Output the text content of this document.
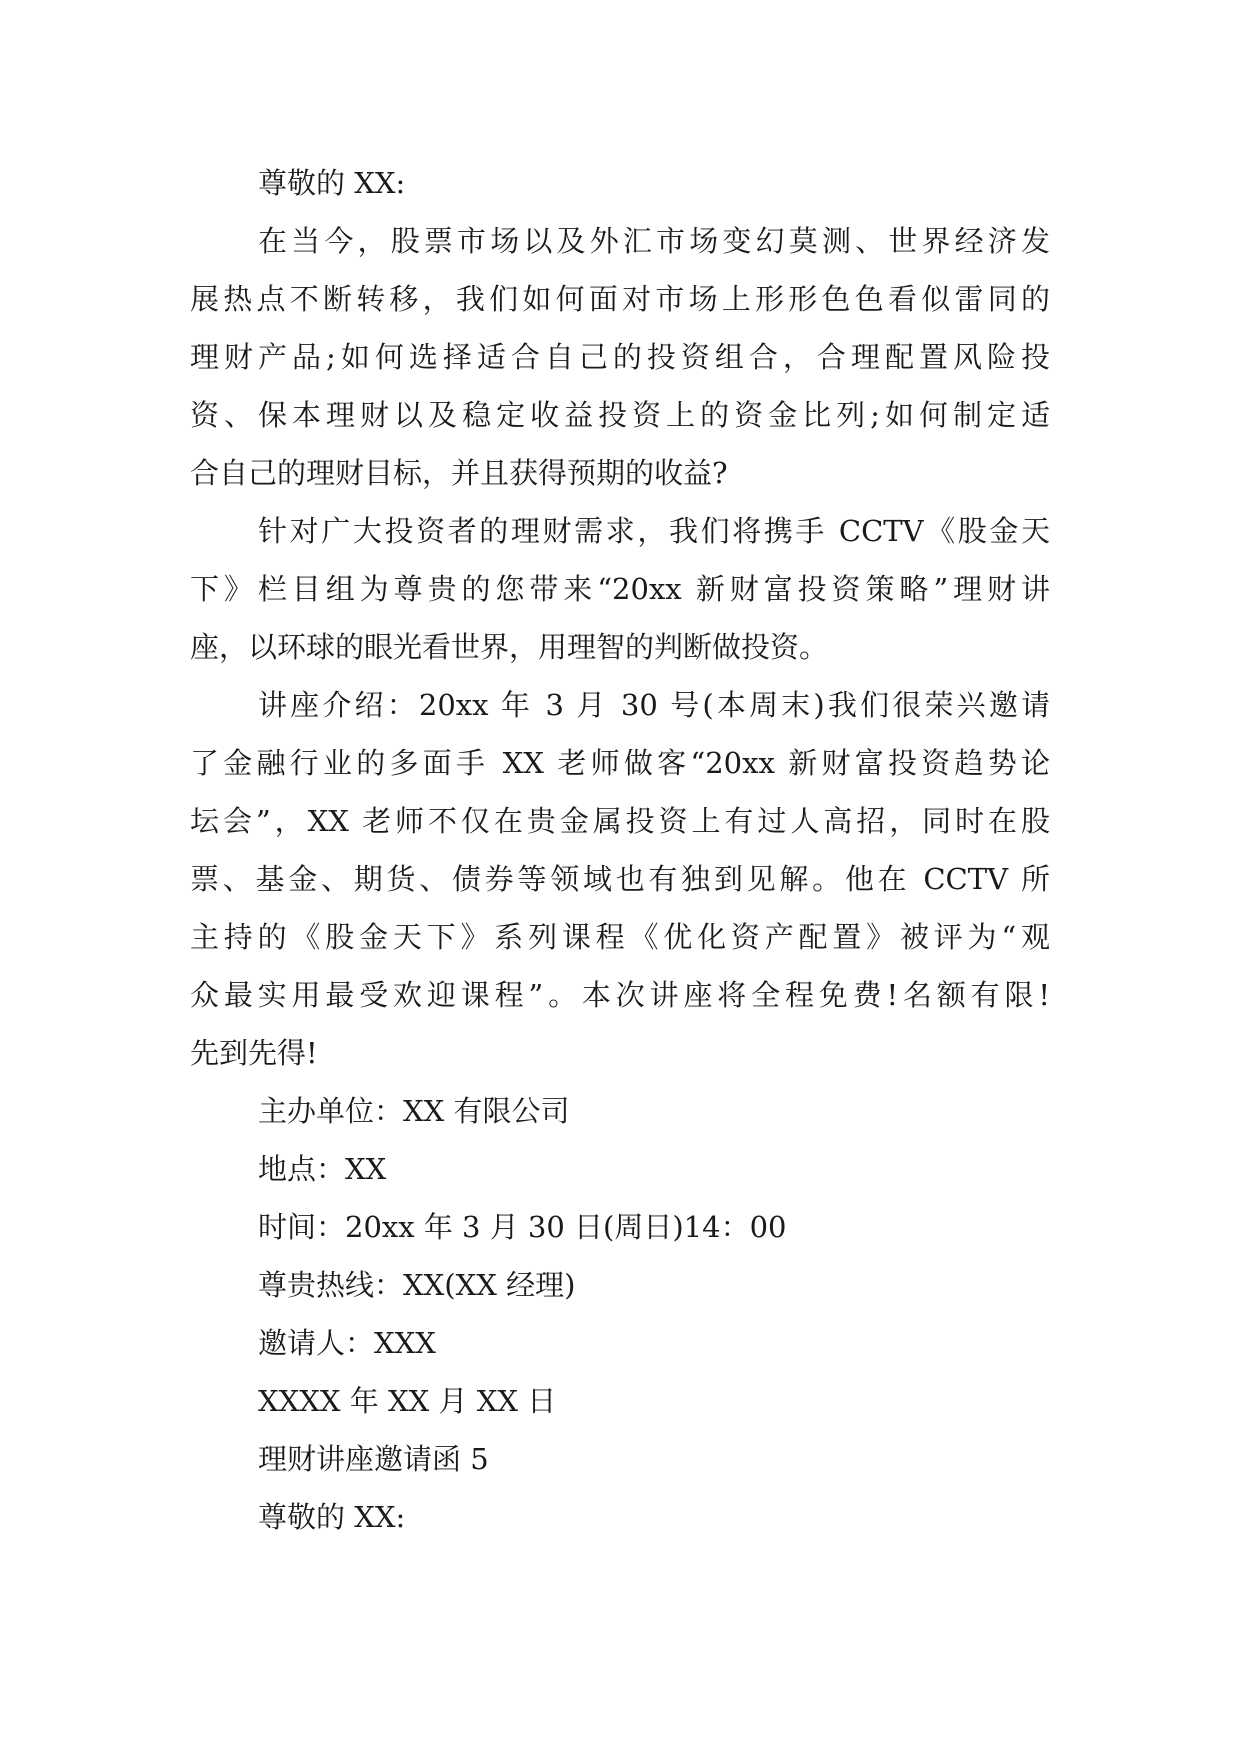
尊敬的 XX:

在当今，股票市场以及外汇市场变幻莫测、世界经济发

展热点不断转移，我们如何面对市场上形形色色看似雷同的

理财产品;如何选择适合自己的投资组合，合理配置风险投

资、保本理财以及稳定收益投资上的资金比列;如何制定适

合自己的理财目标，并且获得预期的收益?

针对广大投资者的理财需求，我们将携手 CCTV《股金天

下》栏目组为尊贵的您带来“20xx 新财富投资策略”理财讲

座，以环球的眼光看世界，用理智的判断做投资。

讲座介绍：20xx 年 3 月 30 号(本周末)我们很荣兴邀请

了金融行业的多面手 XX 老师做客“20xx 新财富投资趋势论

坛会”，XX 老师不仅在贵金属投资上有过人高招，同时在股

票、基金、期货、债券等领域也有独到见解。他在 CCTV 所

主持的《股金天下》系列课程《优化资产配置》被评为“观

众最实用最受欢迎课程”。本次讲座将全程免费!名额有限!

先到先得!

主办单位：XX 有限公司

地点：XX

时间：20xx 年 3 月 30 日(周日)14：00

尊贵热线：XX(XX 经理)

邀请人：XXX

XXXX 年 XX 月 XX 日

理财讲座邀请函 5

尊敬的 XX:
